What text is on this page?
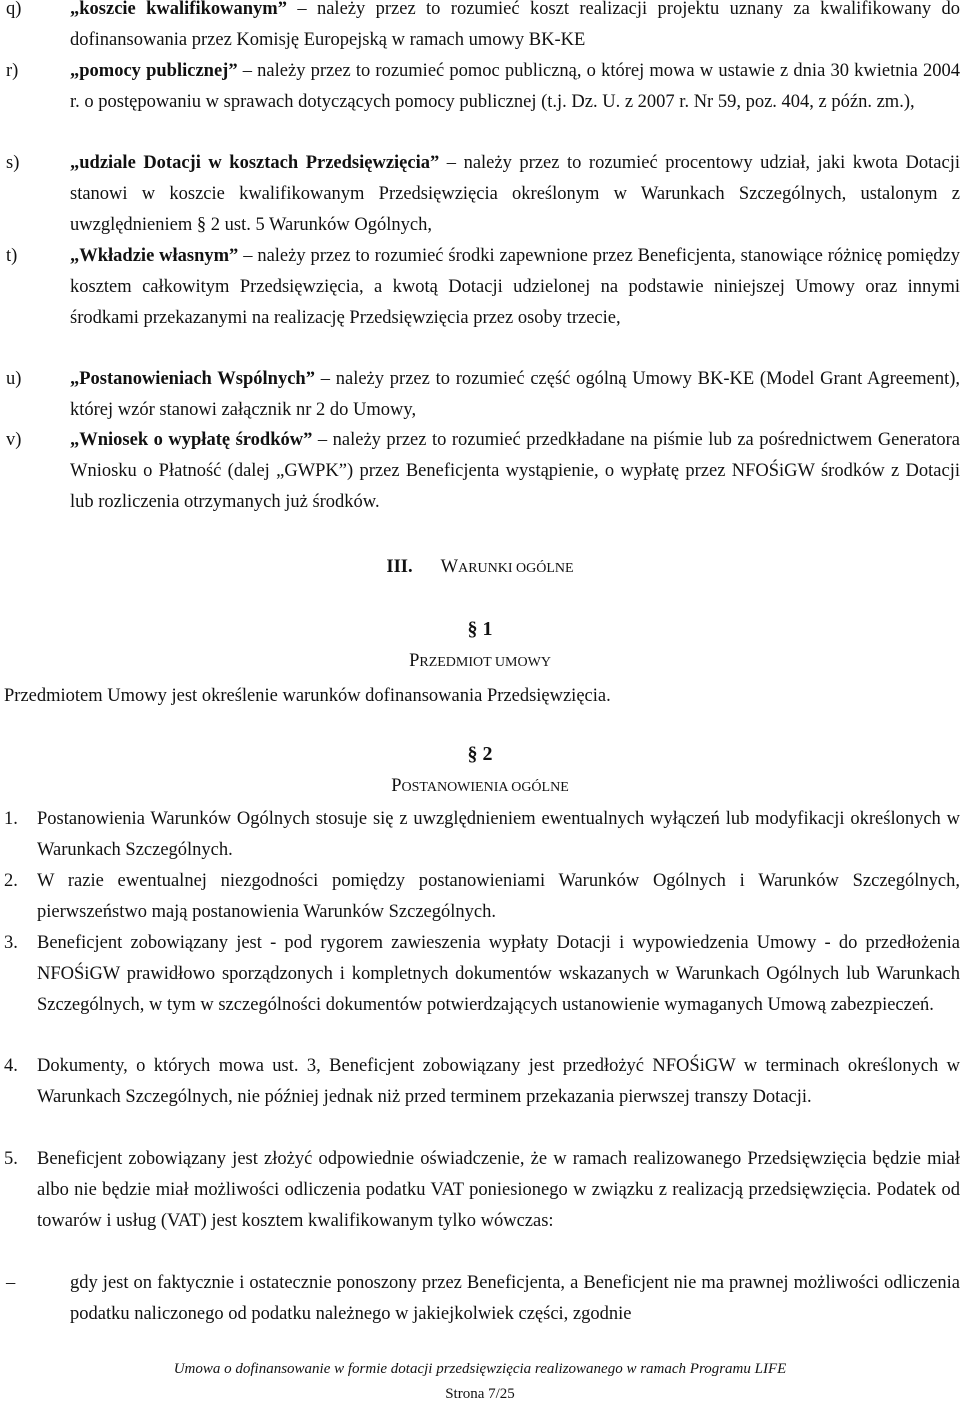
q)	„koszcie kwalifikowanym” – należy przez to rozumieć koszt realizacji projektu uznany za kwalifikowany do dofinansowania przez Komisję Europejską w ramach umowy BK-KE
r)	„pomocy publicznej” – należy przez to rozumieć pomoc publiczną, o której mowa w ustawie z dnia 30 kwietnia 2004 r. o postępowaniu w sprawach dotyczących pomocy publicznej (t.j. Dz. U. z 2007 r. Nr 59, poz. 404, z późn. zm.),
s)	„udziale Dotacji w kosztach Przedsięwzięcia” – należy przez to rozumieć procentowy udział, jaki kwota Dotacji stanowi w koszcie kwalifikowanym Przedsięwzięcia określonym w Warunkach Szczególnych, ustalonym z uwzględnieniem § 2 ust. 5 Warunków Ogólnych,
t)	„Wkładzie własnym” – należy przez to rozumieć środki zapewnione przez Beneficjenta, stanowiące różnicę pomiędzy kosztem całkowitym Przedsięwzięcia, a kwotą Dotacji udzielonej na podstawie niniejszej Umowy oraz innymi środkami przekazanymi na realizację Przedsięwzięcia przez osoby trzecie,
u)	„Postanowieniach Wspólnych” – należy przez to rozumieć część ogólną Umowy BK-KE (Model Grant Agreement), której wzór stanowi załącznik nr 2 do Umowy,
v)	„Wniosek o wypłatę środków” – należy przez to rozumieć przedkładane na piśmie lub za pośrednictwem Generatora Wniosku o Płatność (dalej „GWPK”) przez Beneficjenta wystąpienie, o wypłatę przez NFOŚiGW środków z Dotacji lub rozliczenia otrzymanych już środków.
III. WARUNKI OGÓLNE
§ 1
PRZEDMIOT UMOWY
Przedmiotem Umowy jest określenie warunków dofinansowania Przedsięwzięcia.
§ 2
POSTANOWIENIA OGÓLNE
1. Postanowienia Warunków Ogólnych stosuje się z uwzględnieniem ewentualnych wyłączeń lub modyfikacji określonych w Warunkach Szczególnych.
2. W razie ewentualnej niezgodności pomiędzy postanowieniami Warunków Ogólnych i Warunków Szczególnych, pierwszeństwo mają postanowienia Warunków Szczególnych.
3. Beneficjent zobowiązany jest - pod rygorem zawieszenia wypłaty Dotacji i wypowiedzenia Umowy - do przedłożenia NFOŚiGW prawidłowo sporządzonych i kompletnych dokumentów wskazanych w Warunkach Ogólnych lub Warunkach Szczególnych, w tym w szczególności dokumentów potwierdzających ustanowienie wymaganych Umową zabezpieczeń.
4. Dokumenty, o których mowa ust. 3, Beneficjent zobowiązany jest przedłożyć NFOŚiGW w terminach określonych w Warunkach Szczególnych, nie później jednak niż przed terminem przekazania pierwszej transzy Dotacji.
5. Beneficjent zobowiązany jest złożyć odpowiednie oświadczenie, że w ramach realizowanego Przedsięwzięcia będzie miał albo nie będzie miał możliwości odliczenia podatku VAT poniesionego w związku z realizacją przedsięwzięcia. Podatek od towarów i usług (VAT) jest kosztem kwalifikowanym tylko wówczas:
–	gdy jest on faktycznie i ostatecznie ponoszony przez Beneficjenta, a Beneficjent nie ma prawnej możliwości odliczenia podatku naliczonego od podatku należnego w jakiejkolwiek części, zgodnie
Umowa o dofinansowanie w formie dotacji przedsięwzięcia realizowanego w ramach Programu LIFE
Strona 7/25
